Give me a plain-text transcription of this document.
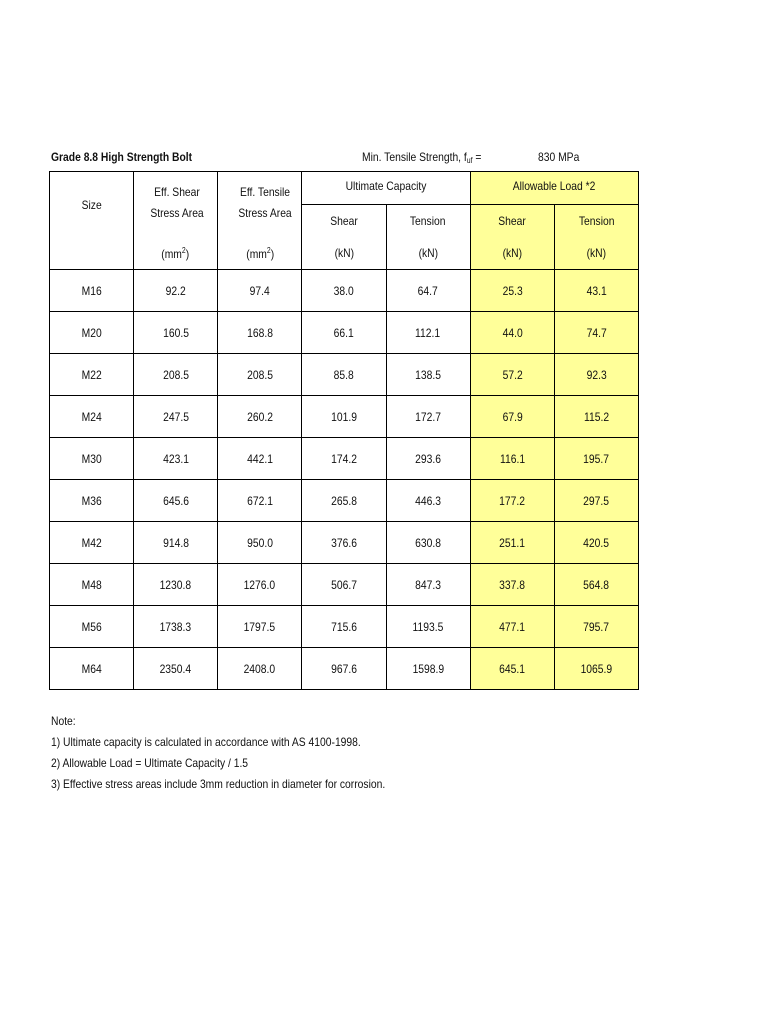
Grade 8.8 High Strength Bolt	Min. Tensile Strength, $f_{uf}$ =	830 MPa
Size	Eff. Shear Stress Area	Eff. Tensile Stress Area	Ultimate Capacity		Allowable Load *2	
			Shear	Tension	Shear	Tension
	$(mm^2)$	$(mm^2)$	(kN)	(kN)	(kN)	(kN)
M16	92.2	97.4	38.0	64.7	25.3	43.1
M20	160.5	168.8	66.1	112.1	44.0	74.7
M22	208.5	208.5	85.8	138.5	57.2	92.3
M24	247.5	260.2	101.9	172.7	67.9	115.2
M30	423.1	442.1	174.2	293.6	116.1	195.7
M36	645.6	672.1	265.8	446.3	177.2	297.5
M42	914.8	950.0	376.6	630.8	251.1	420.5
M48	1230.8	1276.0	506.7	847.3	337.8	564.8
M56	1738.3	1797.5	715.6	1193.5	477.1	795.7
M64	2350.4	2408.0	967.6	1598.9	645.1	1065.9
Note:
1) Ultimate capacity is calculated in accordance with AS 4100-1998.
2) Allowable Load = Ultimate Capacity / 1.5
3) Effective stress areas include 3mm reduction in diameter for corrosion.
